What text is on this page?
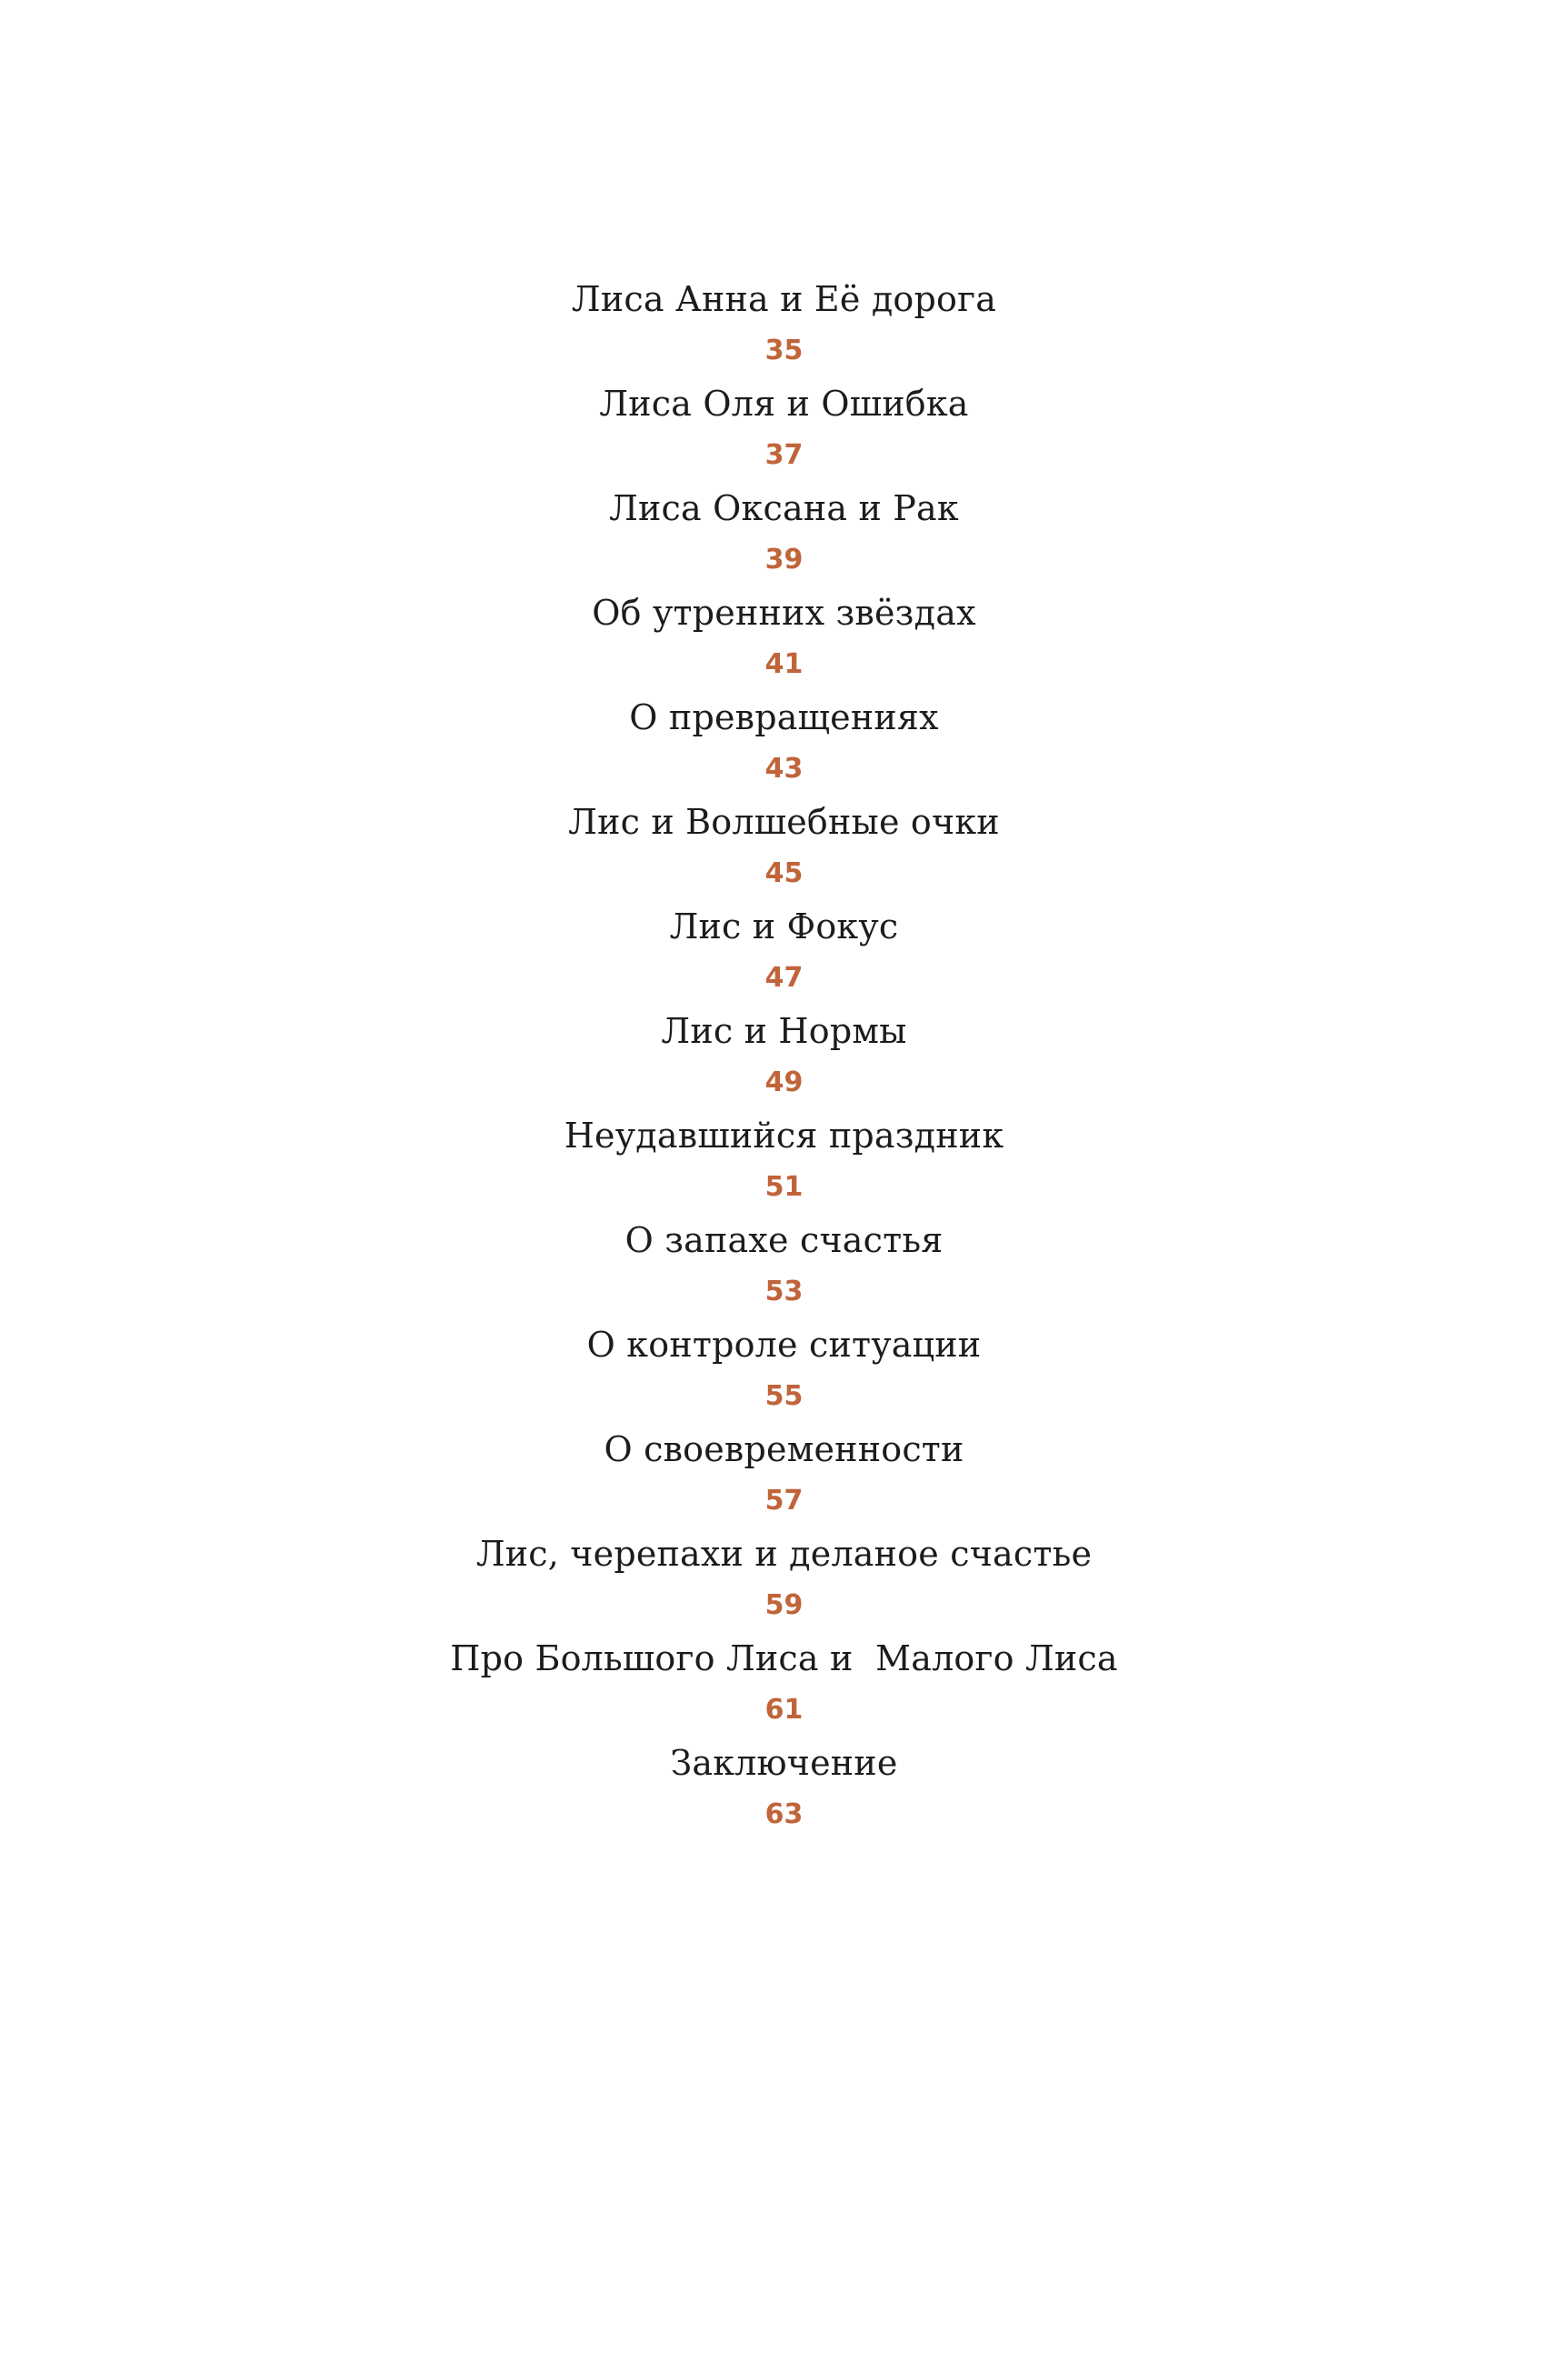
Лиса Анна и Её дорога
35
Лиса Оля и Ошибка
37
Лиса Оксана и Рак
39
Об утренних звёздах
41
О превращениях
43
Лис и Волшебные очки
45
Лис и Фокус
47
Лис и Нормы
49
Неудавшийся праздник
51
О запахе счастья
53
О контроле ситуации
55
О своевременности
57
Лис, черепахи и деланое счастье
59
Про Большого Лиса и  Малого Лиса
61
Заключение
63
